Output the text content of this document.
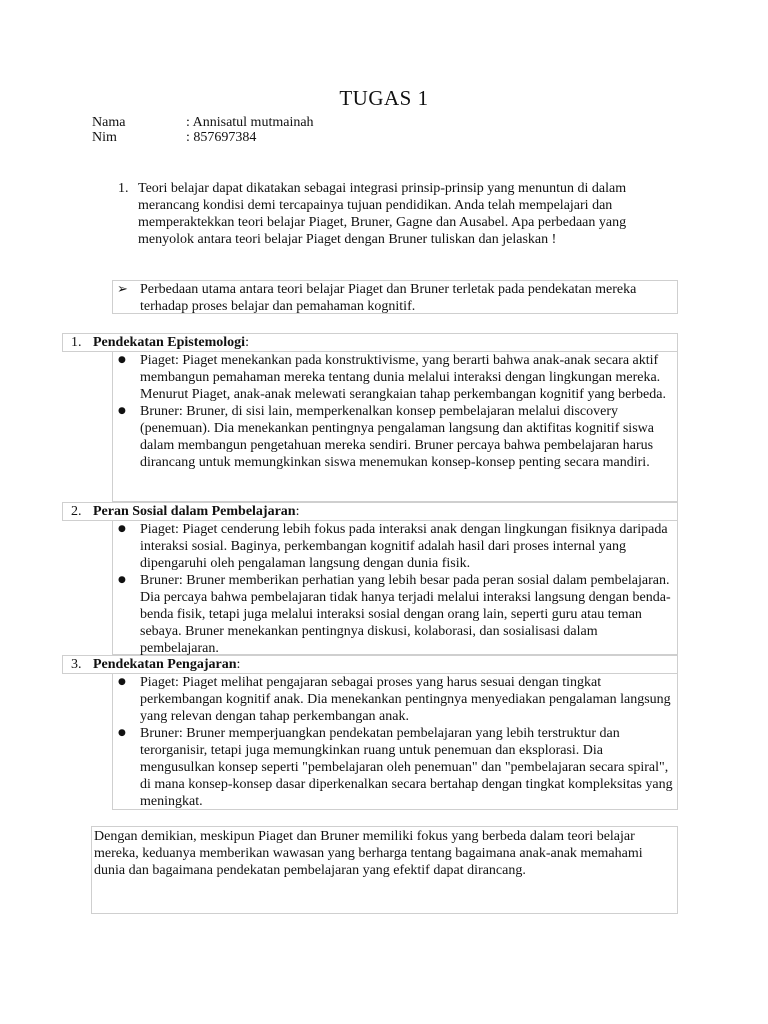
TUGAS 1
Nama	: Annisatul mutmainah
Nim	: 857697384
1. Teori belajar dapat dikatakan sebagai integrasi prinsip-prinsip yang menuntun di dalam merancang kondisi demi tercapainya tujuan pendidikan. Anda telah mempelajari dan memperaktekkan teori belajar Piaget, Bruner, Gagne dan Ausabel. Apa perbedaan yang menyolok antara teori belajar Piaget dengan Bruner tuliskan dan jelaskan !
➢ Perbedaan utama antara teori belajar Piaget dan Bruner terletak pada pendekatan mereka terhadap proses belajar dan pemahaman kognitif.
1. Pendekatan Epistemologi:
● Piaget: Piaget menekankan pada konstruktivisme, yang berarti bahwa anak-anak secara aktif membangun pemahaman mereka tentang dunia melalui interaksi dengan lingkungan mereka. Menurut Piaget, anak-anak melewati serangkaian tahap perkembangan kognitif yang berbeda.
● Bruner: Bruner, di sisi lain, memperkenalkan konsep pembelajaran melalui discovery (penemuan). Dia menekankan pentingnya pengalaman langsung dan aktifitas kognitif siswa dalam membangun pengetahuan mereka sendiri. Bruner percaya bahwa pembelajaran harus dirancang untuk memungkinkan siswa menemukan konsep-konsep penting secara mandiri.
2. Peran Sosial dalam Pembelajaran:
● Piaget: Piaget cenderung lebih fokus pada interaksi anak dengan lingkungan fisiknya daripada interaksi sosial. Baginya, perkembangan kognitif adalah hasil dari proses internal yang dipengaruhi oleh pengalaman langsung dengan dunia fisik.
● Bruner: Bruner memberikan perhatian yang lebih besar pada peran sosial dalam pembelajaran. Dia percaya bahwa pembelajaran tidak hanya terjadi melalui interaksi langsung dengan benda-benda fisik, tetapi juga melalui interaksi sosial dengan orang lain, seperti guru atau teman sebaya. Bruner menekankan pentingnya diskusi, kolaborasi, dan sosialisasi dalam pembelajaran.
3. Pendekatan Pengajaran:
● Piaget: Piaget melihat pengajaran sebagai proses yang harus sesuai dengan tingkat perkembangan kognitif anak. Dia menekankan pentingnya menyediakan pengalaman langsung yang relevan dengan tahap perkembangan anak.
● Bruner: Bruner memperjuangkan pendekatan pembelajaran yang lebih terstruktur dan terorganisir, tetapi juga memungkinkan ruang untuk penemuan dan eksplorasi. Dia mengusulkan konsep seperti "pembelajaran oleh penemuan" dan "pembelajaran secara spiral", di mana konsep-konsep dasar diperkenalkan secara bertahap dengan tingkat kompleksitas yang meningkat.
Dengan demikian, meskipun Piaget dan Bruner memiliki fokus yang berbeda dalam teori belajar mereka, keduanya memberikan wawasan yang berharga tentang bagaimana anak-anak memahami dunia dan bagaimana pendekatan pembelajaran yang efektif dapat dirancang.
